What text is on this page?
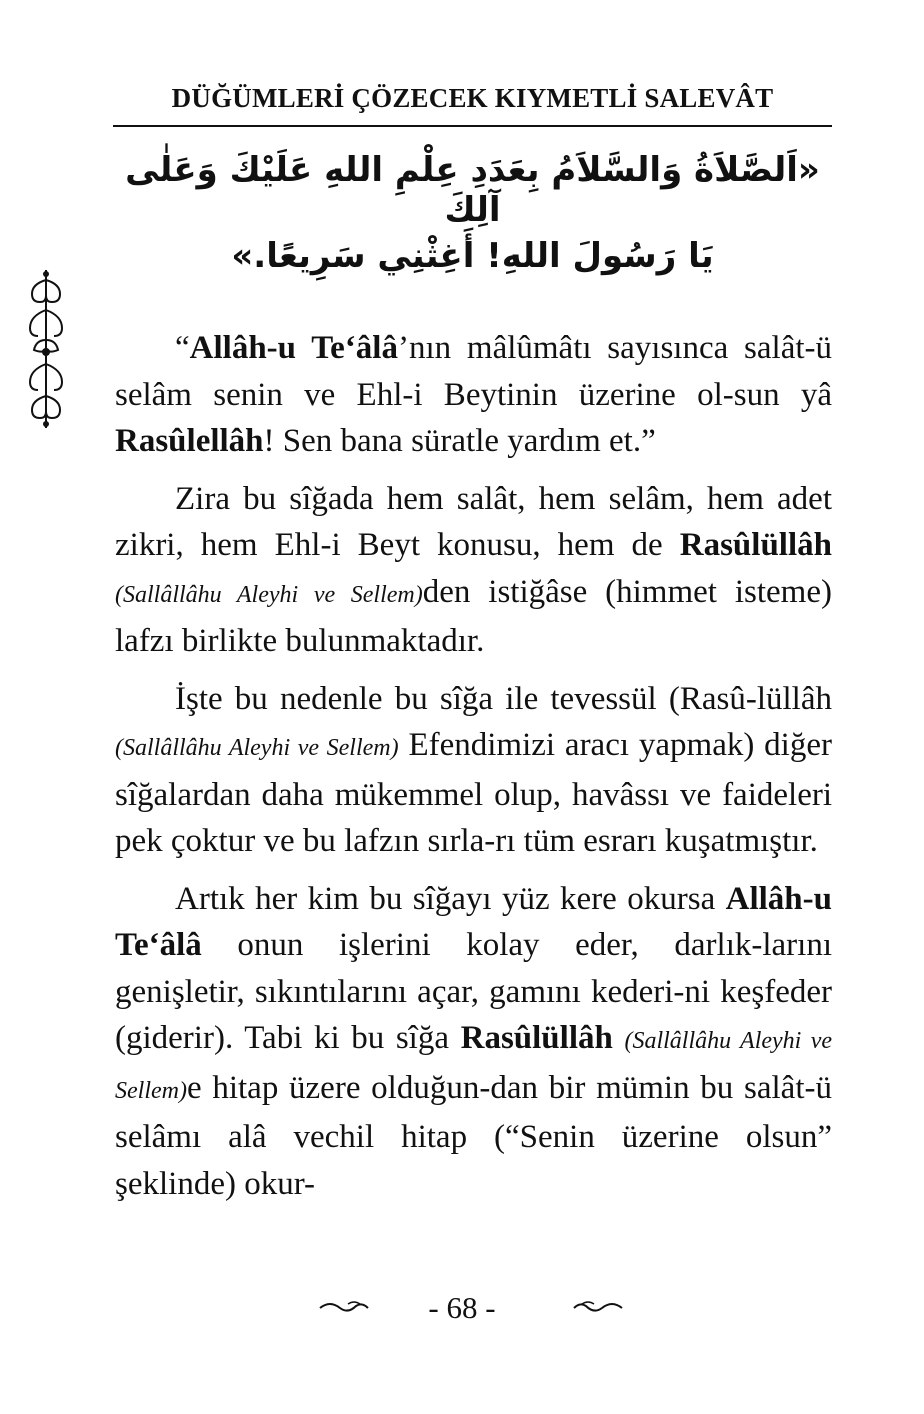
DÜĞÜMLERİ ÇÖZECEK KIYMETLİ SALEVÂT
«اَلصَّلاَةُ وَالسَّلاَمُ بِعَدَدِ عِلْمِ اللهِ عَلَيْكَ وَعَلٰى آلِكَ
يَا رَسُولَ اللهِ! أَغِثْنِي سَرِيعًا.»

“Allâh-u Te‘âlâ’nın mâlûmâtı sayısınca salât-ü selâm senin ve Ehl-i Beytinin üzerine ol-sun yâ Rasûlellâh! Sen bana süratle yardım et.”

Zira bu sîğada hem salât, hem selâm, hem adet zikri, hem Ehl-i Beyt konusu, hem de Rasûlüllâh (Sallâllâhu Aleyhi ve Sellem)den istiğâse (himmet isteme) lafzı birlikte bulunmaktadır.

İşte bu nedenle bu sîğa ile tevessül (Rasû-lüllâh (Sallâllâhu Aleyhi ve Sellem) Efendimizi aracı yapmak) diğer sîğalardan daha mükemmel olup, havâssı ve faideleri pek çoktur ve bu lafzın sırla-rı tüm esrarı kuşatmıştır.

Artık her kim bu sîğayı yüz kere okursa Allâh-u Te‘âlâ onun işlerini kolay eder, darlık-larını genişletir, sıkıntılarını açar, gamını kederi-ni keşfeder (giderir). Tabi ki bu sîğa Rasûlüllâh (Sallâllâhu Aleyhi ve Sellem)e hitap üzere olduğun-dan bir mümin bu salât-ü selâmı alâ vechil hitap (“Senin üzerine olsun” şeklinde) okur-

- 68 -
